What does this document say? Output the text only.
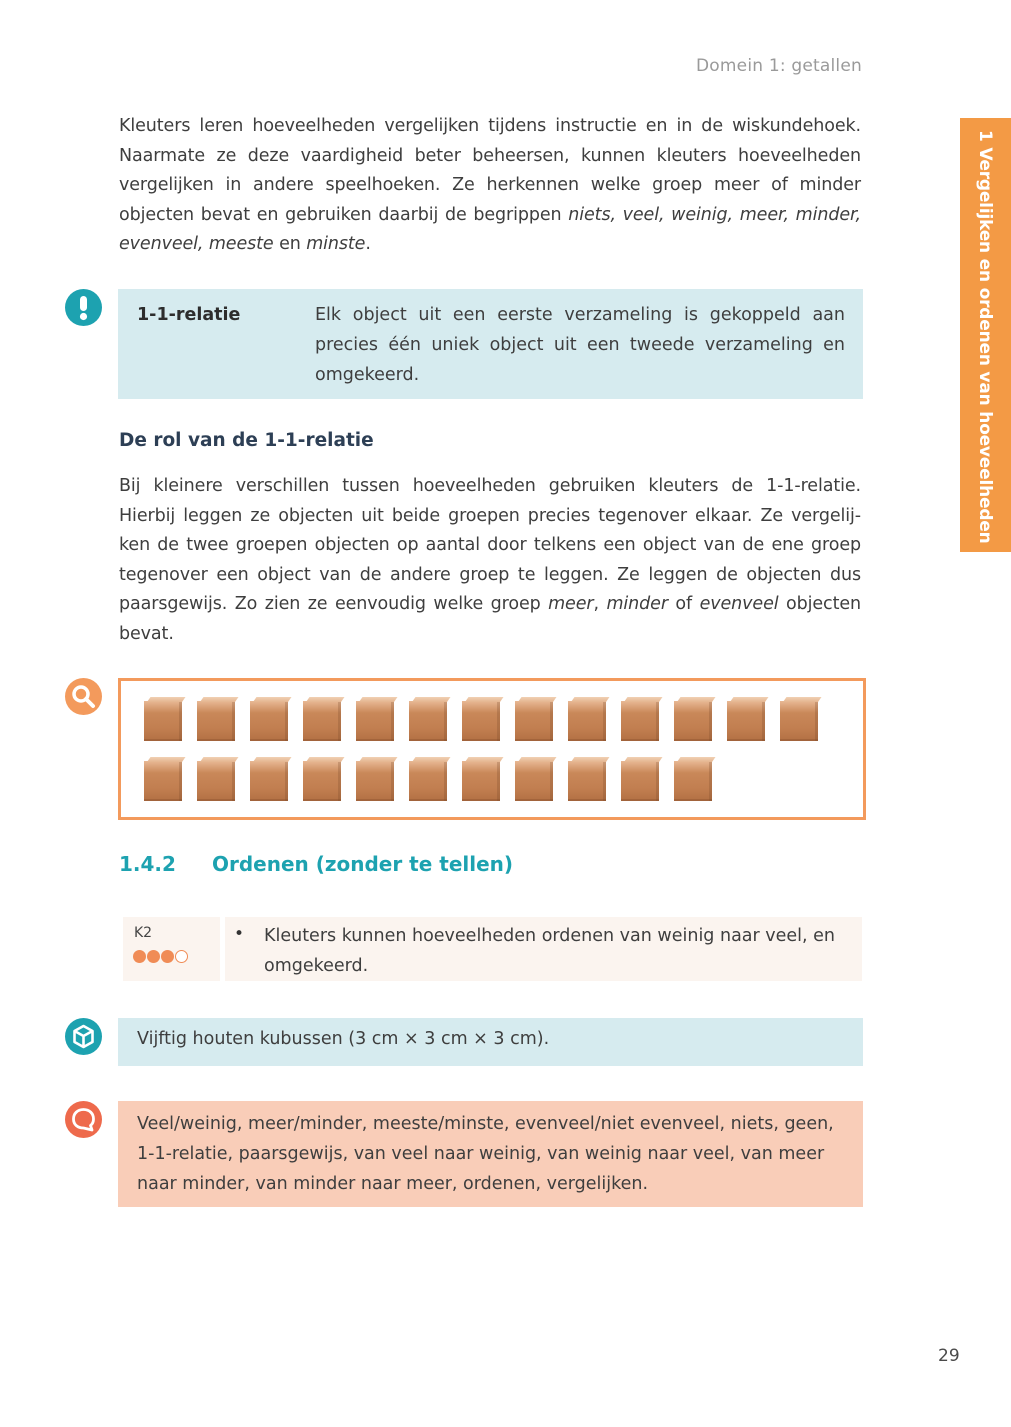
Domein 1: getallen
1 Vergelijken en ordenen van hoeveelheden
Kleuters leren hoeveelheden vergelijken tijdens instructie en in de wiskundehoek. Naarmate ze deze vaardigheid beter beheersen, kunnen kleuters hoeveelheden vergelijken in andere speelhoeken. Ze herkennen welke groep meer of minder objecten bevat en gebruiken daarbij de begrippen niets, veel, weinig, meer, minder, evenveel, meeste en minste.
1-1-relatie	Elk object uit een eerste verzameling is gekoppeld aan precies één uniek object uit een tweede verzameling en omgekeerd.
De rol van de 1-1-relatie
Bij kleinere verschillen tussen hoeveelheden gebruiken kleuters de 1-1-relatie. Hierbij leggen ze objecten uit beide groepen precies tegenover elkaar. Ze vergelij-ken de twee groepen objecten op aantal door telkens een object van de ene groep tegenover een object van de andere groep te leggen. Ze leggen de objecten dus paarsgewijs. Zo zien ze eenvoudig welke groep meer, minder of evenveel objecten bevat.
1.4.2 Ordenen (zonder te tellen)
K2	• Kleuters kunnen hoeveelheden ordenen van weinig naar veel, en omgekeerd.
Vijftig houten kubussen (3 cm × 3 cm × 3 cm).
Veel/weinig, meer/minder, meeste/minste, evenveel/niet evenveel, niets, geen, 1-1-relatie, paarsgewijs, van veel naar weinig, van weinig naar veel, van meer naar minder, van minder naar meer, ordenen, vergelijken.
29
